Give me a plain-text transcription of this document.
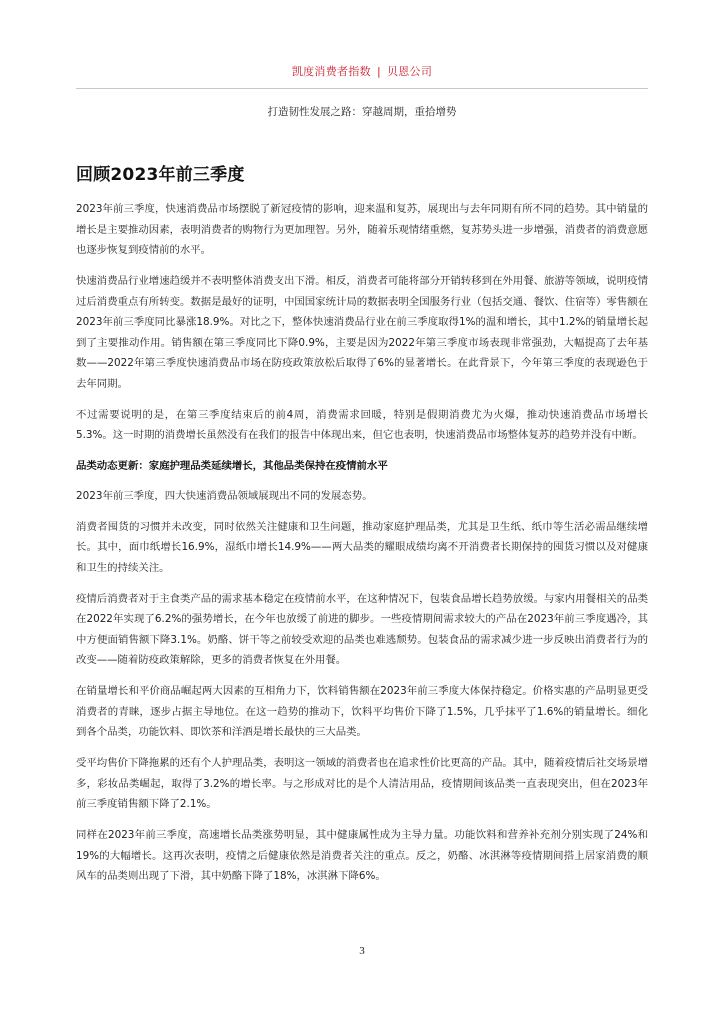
凯度消费者指数 | 贝恩公司
打造韧性发展之路：穿越周期，重拾增势
回顾2023年前三季度

2023年前三季度，快速消费品市场摆脱了新冠疫情的影响，迎来温和复苏，展现出与去年同期有所不同的趋势。其中销量的增长是主要推动因素，表明消费者的购物行为更加理智。另外，随着乐观情绪重燃，复苏势头进一步增强，消费者的消费意愿也逐步恢复到疫情前的水平。

快速消费品行业增速趋缓并不表明整体消费支出下滑。相反，消费者可能将部分开销转移到在外用餐、旅游等领域，说明疫情过后消费重点有所转变。数据是最好的证明，中国国家统计局的数据表明全国服务行业（包括交通、餐饮、住宿等）零售额在2023年前三季度同比暴涨18.9%。对比之下，整体快速消费品行业在前三季度取得1%的温和增长，其中1.2%的销量增长起到了主要推动作用。销售额在第三季度同比下降0.9%，主要是因为2022年第三季度市场表现非常强劲，大幅提高了去年基数——2022年第三季度快速消费品市场在防疫政策放松后取得了6%的显著增长。在此背景下，今年第三季度的表现逊色于去年同期。

不过需要说明的是，在第三季度结束后的前4周，消费需求回暖，特别是假期消费尤为火爆，推动快速消费品市场增长5.3%。这一时期的消费增长虽然没有在我们的报告中体现出来，但它也表明，快速消费品市场整体复苏的趋势并没有中断。

品类动态更新：家庭护理品类延续增长，其他品类保持在疫情前水平

2023年前三季度，四大快速消费品领域展现出不同的发展态势。

消费者囤货的习惯并未改变，同时依然关注健康和卫生问题，推动家庭护理品类，尤其是卫生纸、纸巾等生活必需品继续增长。其中，面巾纸增长16.9%，湿纸巾增长14.9%——两大品类的耀眼成绩均离不开消费者长期保持的囤货习惯以及对健康和卫生的持续关注。

疫情后消费者对于主食类产品的需求基本稳定在疫情前水平，在这种情况下，包装食品增长趋势放缓。与家内用餐相关的品类在2022年实现了6.2%的强势增长，在今年也放缓了前进的脚步。一些疫情期间需求较大的产品在2023年前三季度遇冷，其中方便面销售额下降3.1%。奶酪、饼干等之前较受欢迎的品类也难逃颓势。包装食品的需求减少进一步反映出消费者行为的改变——随着防疫政策解除，更多的消费者恢复在外用餐。

在销量增长和平价商品崛起两大因素的互相角力下，饮料销售额在2023年前三季度大体保持稳定。价格实惠的产品明显更受消费者的青睐，逐步占据主导地位。在这一趋势的推动下，饮料平均售价下降了1.5%，几乎抹平了1.6%的销量增长。细化到各个品类，功能饮料、即饮茶和洋酒是增长最快的三大品类。

受平均售价下降拖累的还有个人护理品类，表明这一领域的消费者也在追求性价比更高的产品。其中，随着疫情后社交场景增多，彩妆品类崛起，取得了3.2%的增长率。与之形成对比的是个人清洁用品，疫情期间该品类一直表现突出，但在2023年前三季度销售额下降了2.1%。

同样在2023年前三季度，高速增长品类涨势明显，其中健康属性成为主导力量。功能饮料和营养补充剂分别实现了24%和19%的大幅增长。这再次表明，疫情之后健康依然是消费者关注的重点。反之，奶酪、冰淇淋等疫情期间搭上居家消费的顺风车的品类则出现了下滑，其中奶酪下降了18%，冰淇淋下降6%。

3
